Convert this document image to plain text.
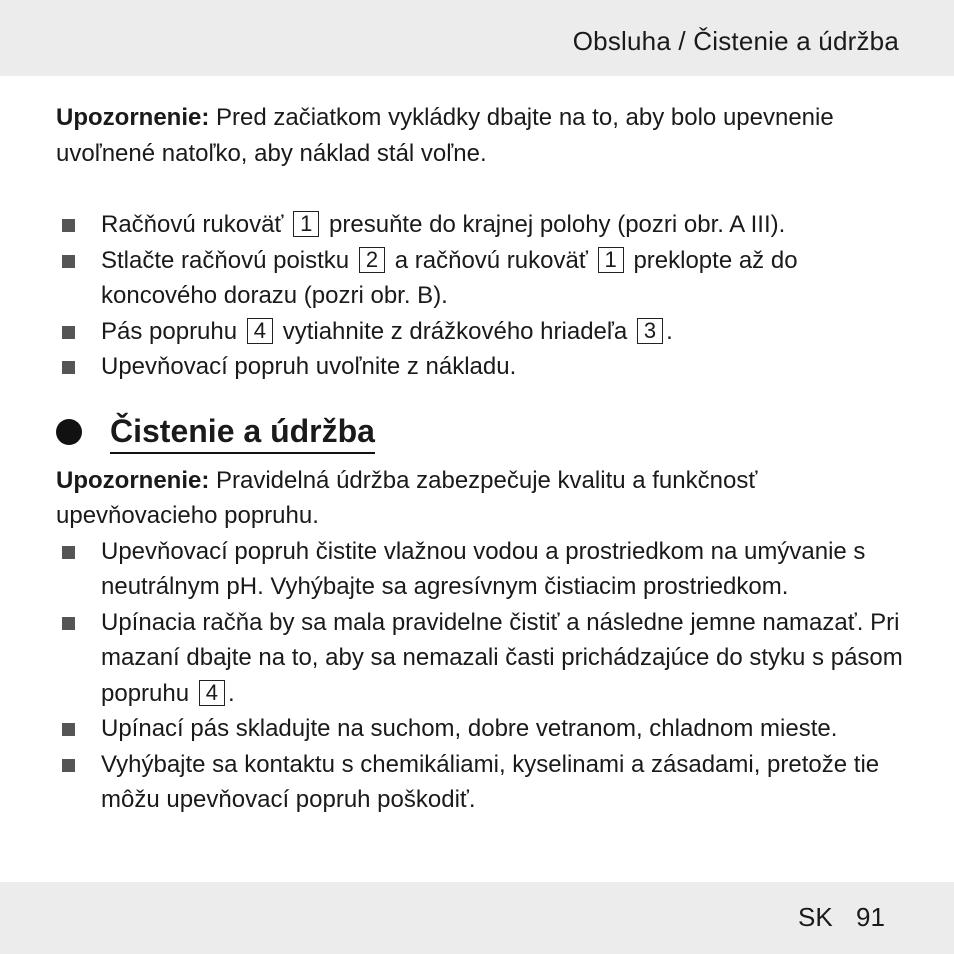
Obsluha / Čistenie a údržba

Upozornenie: Pred začiatkom vykládky dbajte na to, aby bolo upevnenie uvoľnené natoľko, aby náklad stál voľne.

Račňovú rukoväť 1 presuňte do krajnej polohy (pozri obr. A III).
Stlačte račňovú poistku 2 a račňovú rukoväť 1 preklopte až do koncového dorazu (pozri obr. B).
Pás popruhu 4 vytiahnite z drážkového hriadeľa 3 .
Upevňovací popruh uvoľnite z nákladu.
Čistenie a údržba

Upozornenie: Pravidelná údržba zabezpečuje kvalitu a funkčnosť upevňovacieho popruhu.

Upevňovací popruh čistite vlažnou vodou a prostriedkom na umývanie s neutrálnym pH. Vyhýbajte sa agresívnym čistiacim prostriedkom.
Upínacia račňa by sa mala pravidelne čistiť a následne jemne namazať. Pri mazaní dbajte na to, aby sa nemazali časti prichádzajúce do styku s pásom popruhu 4 .
Upínací pás skladujte na suchom, dobre vetranom, chladnom mieste.
Vyhýbajte sa kontaktu s chemikáliami, kyselinami a zásadami, pretože tie môžu upevňovací popruh poškodiť.
SK 91
